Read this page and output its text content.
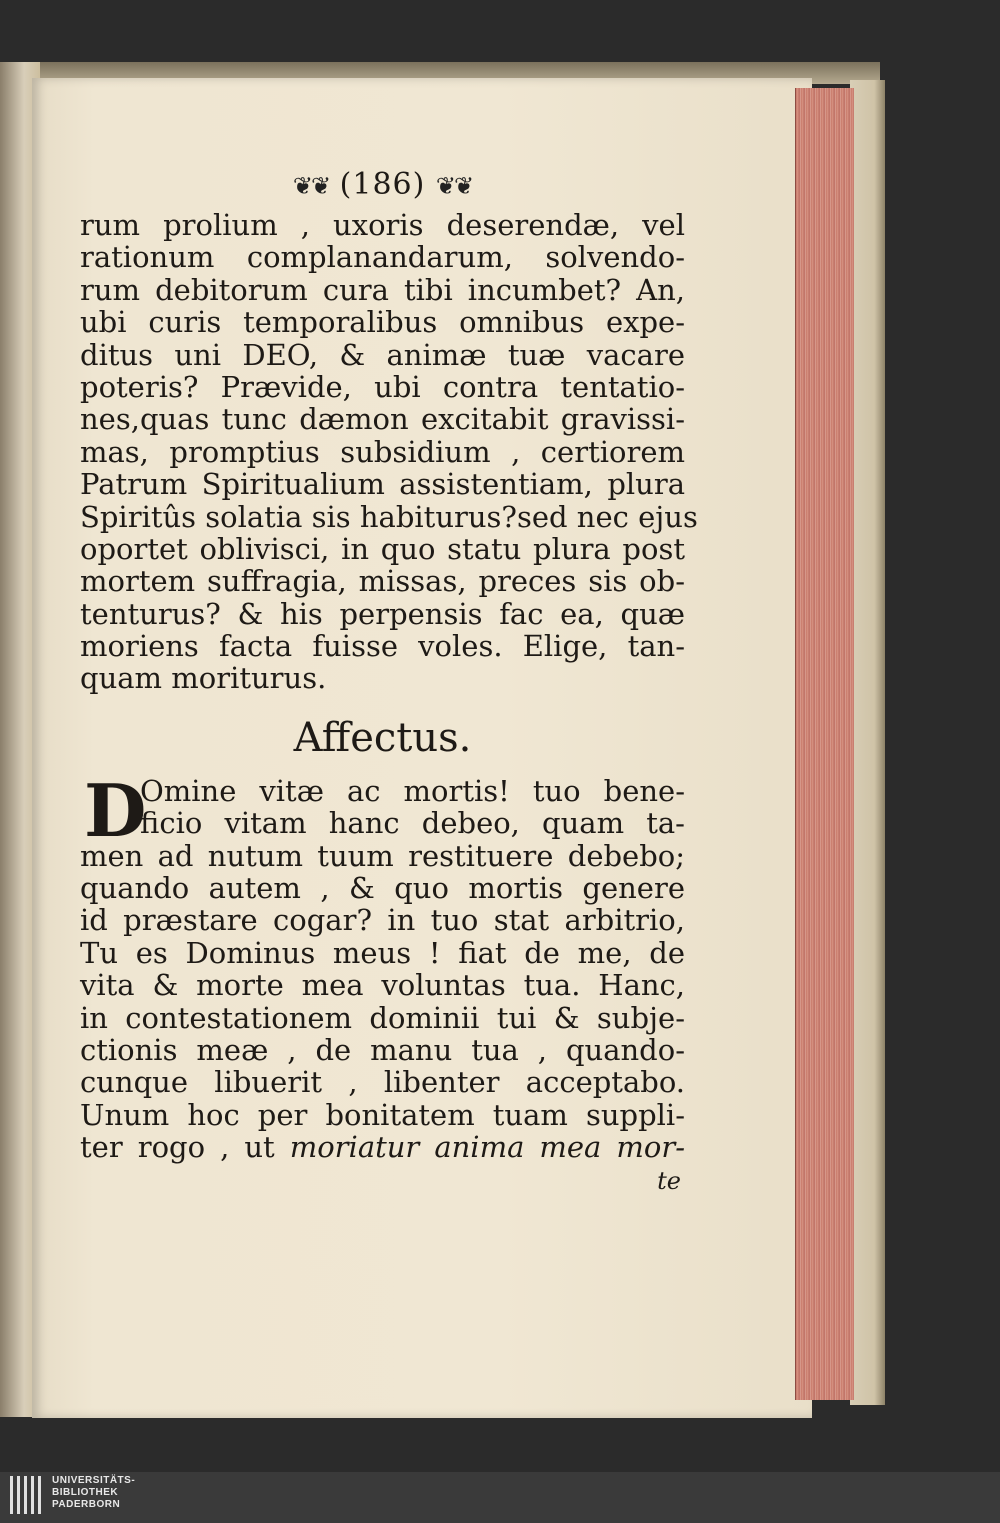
❦❦ (186) ❦❦
rum prolium , uxoris deserendæ, vel
rationum complanandarum, solvendo-
rum debitorum cura tibi incumbet? An,
ubi curis temporalibus omnibus expe-
ditus uni DEO, & animæ tuæ vacare
poteris? Prævide, ubi contra tentatio-
nes,quas tunc dæmon excitabit gravissi-
mas, promptius subsidium , certiorem
Patrum Spiritualium assistentiam, plura
Spiritûs solatia sis habiturus?sed nec ejus
oportet oblivisci, in quo statu plura post
mortem suffragia, missas, preces sis ob-
tenturus? & his perpensis fac ea, quæ
moriens facta fuisse voles. Elige, tan-
quam moriturus.
Affectus.
D
Omine vitæ ac mortis! tuo bene-
ficio vitam hanc debeo, quam ta-
men ad nutum tuum restituere debebo;
quando autem , & quo mortis genere
id præstare cogar? in tuo stat arbitrio,
Tu es Dominus meus ! fiat de me, de
vita & morte mea voluntas tua. Hanc,
in contestationem dominii tui & subje-
ctionis meæ , de manu tua , quando-
cunque libuerit , libenter acceptabo.
Unum hoc per bonitatem tuam suppli-
ter rogo , ut moriatur anima mea mor-
te
UNIVERSITÄTS-
BIBLIOTHEK
PADERBORN
